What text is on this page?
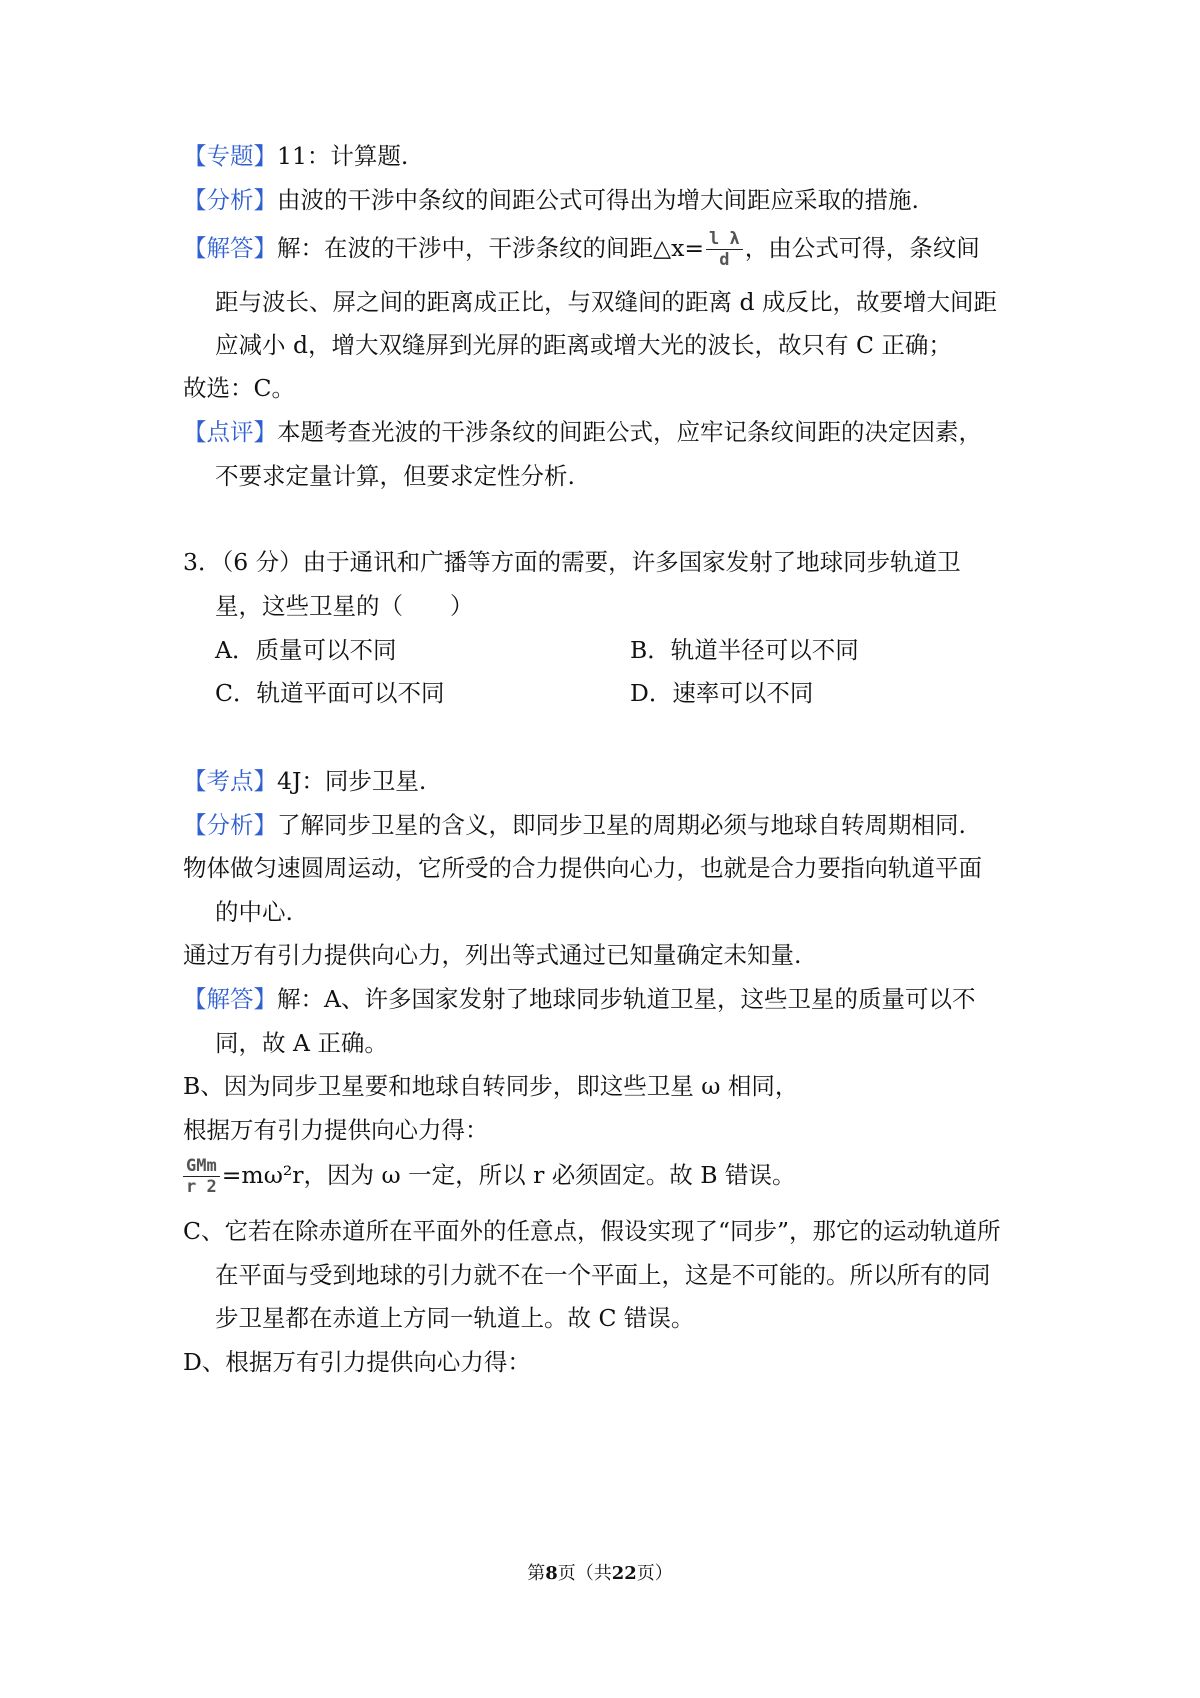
【专题】11：计算题.
【分析】由波的干涉中条纹的间距公式可得出为增大间距应采取的措施.
【解答】解：在波的干涉中，干涉条纹的间距△x= $\frac{\text{l λ}}{d}$ ，由公式可得，条纹间
距与波长、屏之间的距离成正比，与双缝间的距离 d 成反比，故要增大间距
应减小 d，增大双缝屏到光屏的距离或增大光的波长，故只有 C 正确；
故选：C。
【点评】本题考查光波的干涉条纹的间距公式，应牢记条纹间距的决定因素，
不要求定量计算，但要求定性分析.
3．（6 分）由于通讯和广播等方面的需要，许多国家发射了地球同步轨道卫
星，这些卫星的（　　）
A．质量可以不同	B．轨道半径可以不同
C．轨道平面可以不同	D．速率可以不同
【考点】4J：同步卫星.
【分析】了解同步卫星的含义，即同步卫星的周期必须与地球自转周期相同.
物体做匀速圆周运动，它所受的合力提供向心力，也就是合力要指向轨道平面
的中心.
通过万有引力提供向心力，列出等式通过已知量确定未知量.
【解答】解：A、许多国家发射了地球同步轨道卫星，这些卫星的质量可以不
同，故 A 正确。
B、因为同步卫星要和地球自转同步，即这些卫星 ω 相同，
根据万有引力提供向心力得：
$\frac{\text{GMm}}{r 2} =m\omega^2r$，因为 ω 一定，所以 r 必须固定。故 B 错误。
C、它若在除赤道所在平面外的任意点，假设实现了“同步”，那它的运动轨道所
在平面与受到地球的引力就不在一个平面上，这是不可能的。所以所有的同
步卫星都在赤道上方同一轨道上。故 C 错误。
D、根据万有引力提供向心力得：
第8页（共22页）
